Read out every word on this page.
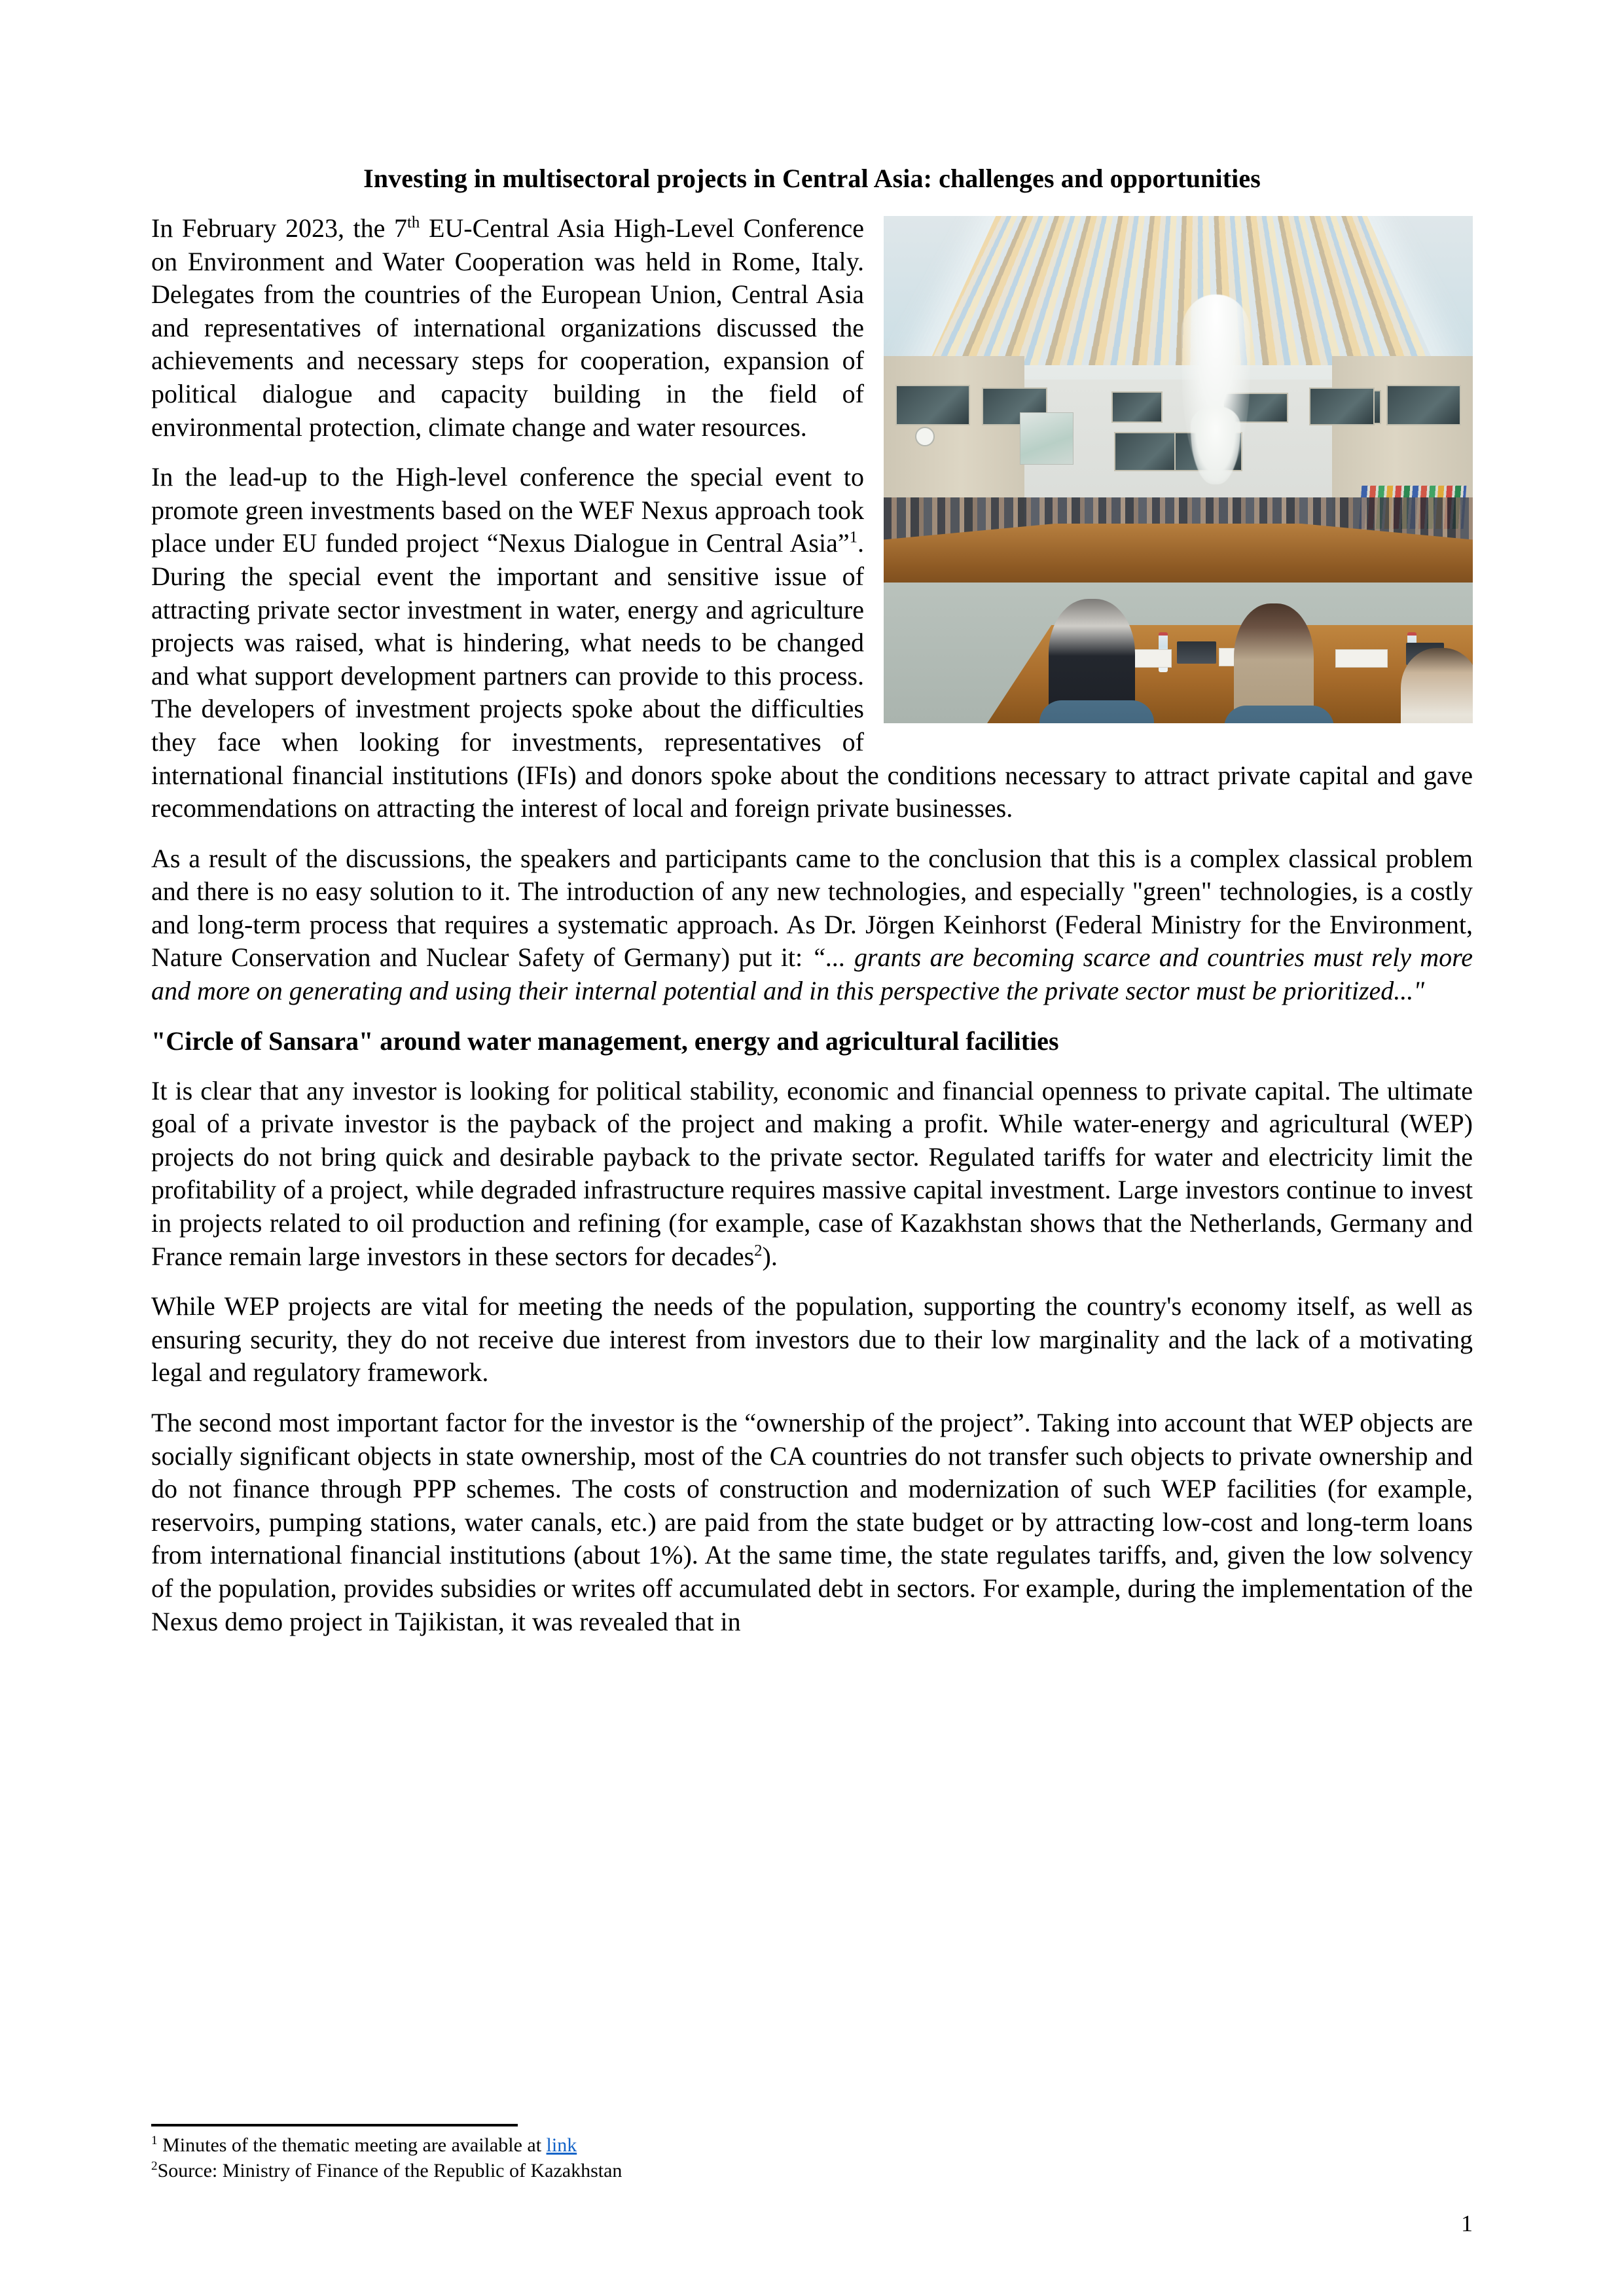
Investing in multisectoral projects in Central Asia: challenges and opportunities

In February 2023, the 7th EU-Central Asia High-Level Conference on Environment and Water Cooperation was held in Rome, Italy. Delegates from the countries of the European Union, Central Asia and representatives of international organizations discussed the achievements and necessary steps for cooperation, expansion of political dialogue and capacity building in the field of environmental protection, climate change and water resources.

In the lead-up to the High-level conference the special event to promote green investments based on the WEF Nexus approach took place under EU funded project “Nexus Dialogue in Central Asia”$^1$. During the special event the important and sensitive issue of attracting private sector investment in water, energy and agriculture projects was raised, what is hindering, what needs to be changed and what support development partners can provide to this process. The developers of investment projects spoke about the difficulties they face when looking for investments, representatives of international financial institutions (IFIs) and donors spoke about the conditions necessary to attract private capital and gave recommendations on attracting the interest of local and foreign private businesses.

As a result of the discussions, the speakers and participants came to the conclusion that this is a complex classical problem and there is no easy solution to it. The introduction of any new technologies, and especially "green" technologies, is a costly and long-term process that requires a systematic approach. As Dr. Jörgen Keinhorst (Federal Ministry for the Environment, Nature Conservation and Nuclear Safety of Germany) put it: “... grants are becoming scarce and countries must rely more and more on generating and using their internal potential and in this perspective the private sector must be prioritized..."

"Circle of Sansara" around water management, energy and agricultural facilities

It is clear that any investor is looking for political stability, economic and financial openness to private capital. The ultimate goal of a private investor is the payback of the project and making a profit. While water-energy and agricultural (WEP) projects do not bring quick and desirable payback to the private sector. Regulated tariffs for water and electricity limit the profitability of a project, while degraded infrastructure requires massive capital investment. Large investors continue to invest in projects related to oil production and refining (for example, case of Kazakhstan shows that the Netherlands, Germany and France remain large investors in these sectors for decades$^2$).

While WEP projects are vital for meeting the needs of the population, supporting the country's economy itself, as well as ensuring security, they do not receive due interest from investors due to their low marginality and the lack of a motivating legal and regulatory framework.

The second most important factor for the investor is the “ownership of the project”. Taking into account that WEP objects are socially significant objects in state ownership, most of the CA countries do not transfer such objects to private ownership and do not finance through PPP schemes. The costs of construction and modernization of such WEP facilities (for example, reservoirs, pumping stations, water canals, etc.) are paid from the state budget or by attracting low-cost and long-term loans from international financial institutions (about 1%). At the same time, the state regulates tariffs, and, given the low solvency of the population, provides subsidies or writes off accumulated debt in sectors. For example, during the implementation of the Nexus demo project in Tajikistan, it was revealed that in

$^1$ Minutes of the thematic meeting are available at link

$^2$Source: Ministry of Finance of the Republic of Kazakhstan

1
